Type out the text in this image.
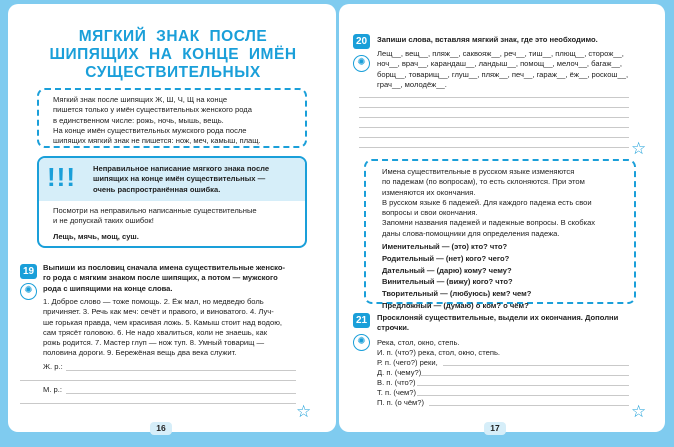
МЯГКИЙ ЗНАК ПОСЛЕ
ШИПЯЩИХ НА КОНЦЕ ИМЁН
СУЩЕСТВИТЕЛЬНЫХ
Мягкий знак после шипящих Ж, Ш, Ч, Щ на конце
пишется только у имён существительных женского рода
в единственном числе: рожь, ночь, мышь, вещь.
На конце имён существительных мужского рода после
шипящих мягкий знак не пишется: нож, меч, камыш, плащ.
!!! Неправильное написание мягкого знака после
шипящих на конце имён существительных —
очень распространённая ошибка.
Посмотри на неправильно написанные существительные
и не допускай таких ошибок!
Лещь, мячь, мощ, суш.
19
✺
Выпиши из пословиц сначала имена существительные женско-
го рода с мягким знаком после шипящих, а потом — мужского
рода с шипящими на конце слова.
1. Доброе слово — тоже помощь. 2. Ёж мал, но медведю боль
причиняет. 3. Речь как меч: сечёт и правого, и виноватого. 4. Луч-
ше горькая правда, чем красивая ложь. 5. Камыш стоит над водою,
сам трясёт головою. 6. Не надо хвалиться, коли не знаешь, как
рожь родится. 7. Мастер глуп — нож туп. 8. Умный товарищ —
половина дороги. 9. Бережёная вещь два века служит.
Ж. р.:
М. р.:
☆
16
20
✺
Запиши слова, вставляя мягкий знак, где это необходимо.
Лещ__, вещ__, пляж__, саквояж__, реч__, тиш__, плющ__, сторож__,
ноч__, врач__, карандаш__, ландыш__, помощ__, мелоч__, багаж__,
борщ__, товарищ__, глуш__, пляж__, печ__, гараж__, ёж__, роскош__,
грач__, молодёж__.
☆
Имена существительные в русском языке изменяются
по падежам (по вопросам), то есть склоняются. При этом
изменяются их окончания.
В русском языке 6 падежей. Для каждого падежа есть свои
вопросы и свои окончания.
Запомни названия падежей и падежные вопросы. В скобках
даны слова-помощники для определения падежа.
Именительный — (это) кто? что?
Родительный — (нет) кого? чего?
Дательный — (дарю) кому? чему?
Винительный — (вижу) кого? что?
Творительный — (любуюсь) кем? чем?
Предложный — (думаю) о ком? о чём?
21
✺
Просклоняй существительные, выдели их окончания. Дополни
строчки.
Река, стол, окно, степь.
И. п. (что?) река, стол, окно, степь.
Р. п. (чего?) реки,
Д. п. (чему?)
В. п. (что?)
Т. п. (чем?)
П. п. (о чём?)	☆
17
